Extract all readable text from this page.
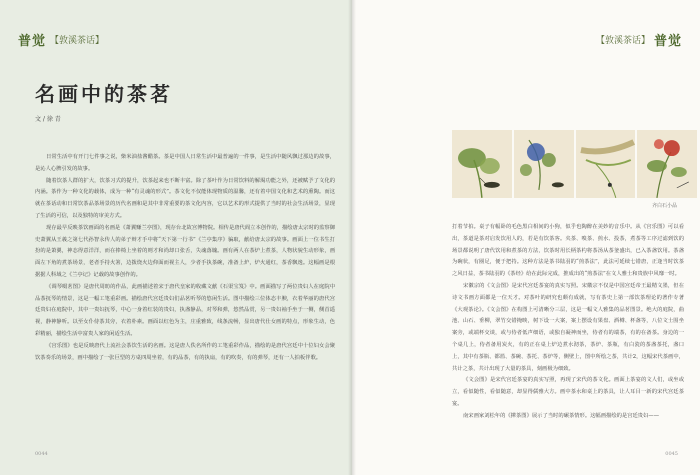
普觉 【敦溪茶话】
名画中的茶茗
文 / 徐 青

日常生活中有开门七件事之说，柴米油盐酱醋茶。茶是中国人日常生活中最普遍的一件事，是生活中随风飘过那边的故事，是沁人心脾引发的故事。

随着饮茶人群的扩大，饮茶习式的提升，饮茶起来也不断丰富。除了茶叶作为日常饮料的解渴功能之外，还被赋予了文化的内涵。茶作为一种文化的载体，成为一种“有灵魂的形式”。茶文化不仅能体现物质的温馨，还有着中国文化和艺术的熏陶。而这就在茶话动和日常饮茶品茶场景的历代名画和是其中非常重要的茶文化内容，它以艺术的形式提供了当时的社会生活场景，显现了生活的可信，以及独特的审美方式。

现存最早反映茶饮画面的名画是《萧翼赚兰亭图》，现存台北故宫博物院。相传是唐代阎立本创作的，描绘唐太宗时的监察御史萧翼从王羲之第七代孙智永传人的弟子辩才手中将“天下第一行书”《兰亭集序》骗取，献给唐太宗的故事。画面上一位书生打扮的是萧翼，神态得意洋洋，而在捧椅上坐着的则才和尚却口张舌，失魂落魄。画有两人在茶炉上煮茶，人物状貌生动形象，画面左下角的煮茶场景，老者手持火箸，边拨烧火边仰面而视主人，少者手执茶碗，准备上炉，炉火通红，茶香飘逸。这幅画是根据据人科域之《兰亭记》记载的故事创作的。

《调琴啜茗图》是唐代周昉的作品，此画描述着宋于唐代皇家的收藏文献《石渠宝笈》中。画面描写了两位贵妇人在庭院中品茶抚琴的情景，这是一幅工笔重彩画。描绘唐代宫廷贵妇们品茗听琴的悠闲生活。图中描绘三位体态丰腴，衣着华丽的唐代宫廷贵妇在庭院中，其中一贵妇抚琴，中心一身着红装的贵妇，执盏静品，对琴和弹，悠然品赏，另一贵妇袖手坐于一侧，侧首遥视，静神静听。以至女仆侍茶其旁，衣着朴素。画面以红色为主，庄重雅致，线条流畅，显出唐代仕女画的特点，形象生动，色彩精丽，描绘生活中富贵人家的闲适生活。

《宫乐图》也是反映唐代上流社会茶饮生活的名画。这是唐人佚名所作的工笔重彩作品，描绘的是唐代宫廷中十位妇女会聚饮茶奏乐的场景，画中描绘了一张巨型的方桌四周坐着，有的品茶，有的执扇，有的吹奏，有的弹琴，还有一人拍板伴歌。

0044
【敦溪茶话】 普觉
齐白石小品

打着节拍。桌子有幅卧的毛色黑白相间的小狗，似乎也陶醉在美妙的音乐中。从《宫乐图》可以看出，茶道是茶对启发饮用人的，若是有饮茶客。夹茶、嗅茶、煎水、投茶，煮茶等工序过滤到饮的场景都说明了唐代饮用和煮茶的方法，饮茶时用长柄茶杓将茶汤从茶釜盛出，已入茶盏饮用。茶盏为碗状，有圈足，便于把持。这种方法是茶书陆羽的“煎茶法”，此法可延续七错唐，正逢当时饮茶之风日益，茶书陆羽的《茶经》给在此际完成，推成出的“煎茶法”在文人雅士和贵族中风靡一时。

宋徽宗的《文会图》是宋代宫廷茶宴的真实写照。宋徽宗不仅是中国宫廷帝王最精文墨，但在诗文书画方面都是一位天才。对茶叶的研究也颇有成就，写有茶史上第一部饮茶理论的著作专著《大观茶论》。《文会图》在构图上可清晰分三层，这是一幅文人雅集的品茗图景。绝大的庭院，曲池、山石、垂柳，翠竹交错掩映，树下设一大案，案上摆设有果盘、酒樽、杯盏等，八位文士围坐案旁，或端杯交谈，或与侍者低声细语，或独自凝神而坐，侍者有的端茶，有的在备茶。身边的一个桌几上，侍者备用炭火，有的正在桌上炉边煮水沏茶，茶炉、茶瓶，有白瓷的茶盏茶托，盏口上，其中有茶瓶、都篮、茶碗、茶托、茶炉等，侧壁上，图中所绘之茶，共计2，这幅宋代茶画中，共计之茶，共计出现了大量的茶具，刻画极为细致。

《文会图》是宋代宫廷茶宴的真实写照，再现了宋代的茶文化。画面上茶宴的文人们，或坐或立，看似随性，看似随意，却显得儒雅大方。画中茶水和桌上的茶具，让人耳目一新的宋代宫廷茶宴。

南宋画家刘松年的《撵茶图》展示了当时的碾茶情形。这幅画描绘的是宫廷贵妇——

0045
